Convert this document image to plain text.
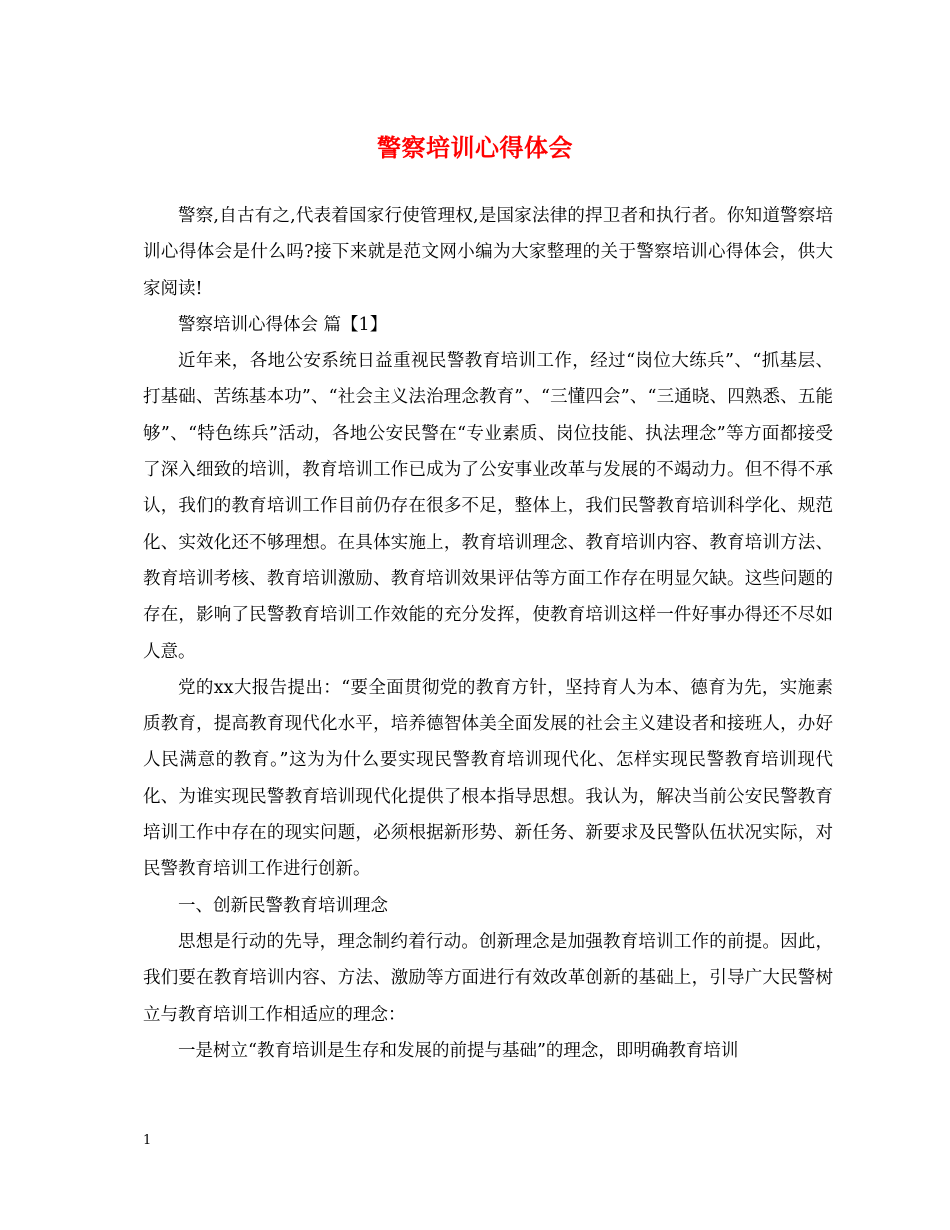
警察培训心得体会

警察,自古有之,代表着国家行使管理权,是国家法律的捍卫者和执行者。你知道警察培训心得体会是什么吗?接下来就是范文网小编为大家整理的关于警察培训心得体会，供大家阅读!

警察培训心得体会 篇【1】

近年来，各地公安系统日益重视民警教育培训工作，经过“岗位大练兵”、“抓基层、打基础、苦练基本功”、“社会主义法治理念教育”、“三懂四会”、“三通晓、四熟悉、五能够”、“特色练兵”活动，各地公安民警在“专业素质、岗位技能、执法理念”等方面都接受了深入细致的培训，教育培训工作已成为了公安事业改革与发展的不竭动力。但不得不承认，我们的教育培训工作目前仍存在很多不足，整体上，我们民警教育培训科学化、规范化、实效化还不够理想。在具体实施上，教育培训理念、教育培训内容、教育培训方法、教育培训考核、教育培训激励、教育培训效果评估等方面工作存在明显欠缺。这些问题的存在，影响了民警教育培训工作效能的充分发挥，使教育培训这样一件好事办得还不尽如人意。

党的xx大报告提出：“要全面贯彻党的教育方针，坚持育人为本、德育为先，实施素质教育，提高教育现代化水平，培养德智体美全面发展的社会主义建设者和接班人，办好人民满意的教育。”这为为什么要实现民警教育培训现代化、怎样实现民警教育培训现代化、为谁实现民警教育培训现代化提供了根本指导思想。我认为，解决当前公安民警教育培训工作中存在的现实问题，必须根据新形势、新任务、新要求及民警队伍状况实际，对民警教育培训工作进行创新。

一、创新民警教育培训理念

思想是行动的先导，理念制约着行动。创新理念是加强教育培训工作的前提。因此，我们要在教育培训内容、方法、激励等方面进行有效改革创新的基础上，引导广大民警树立与教育培训工作相适应的理念：

一是树立“教育培训是生存和发展的前提与基础”的理念，即明确教育培训

1
